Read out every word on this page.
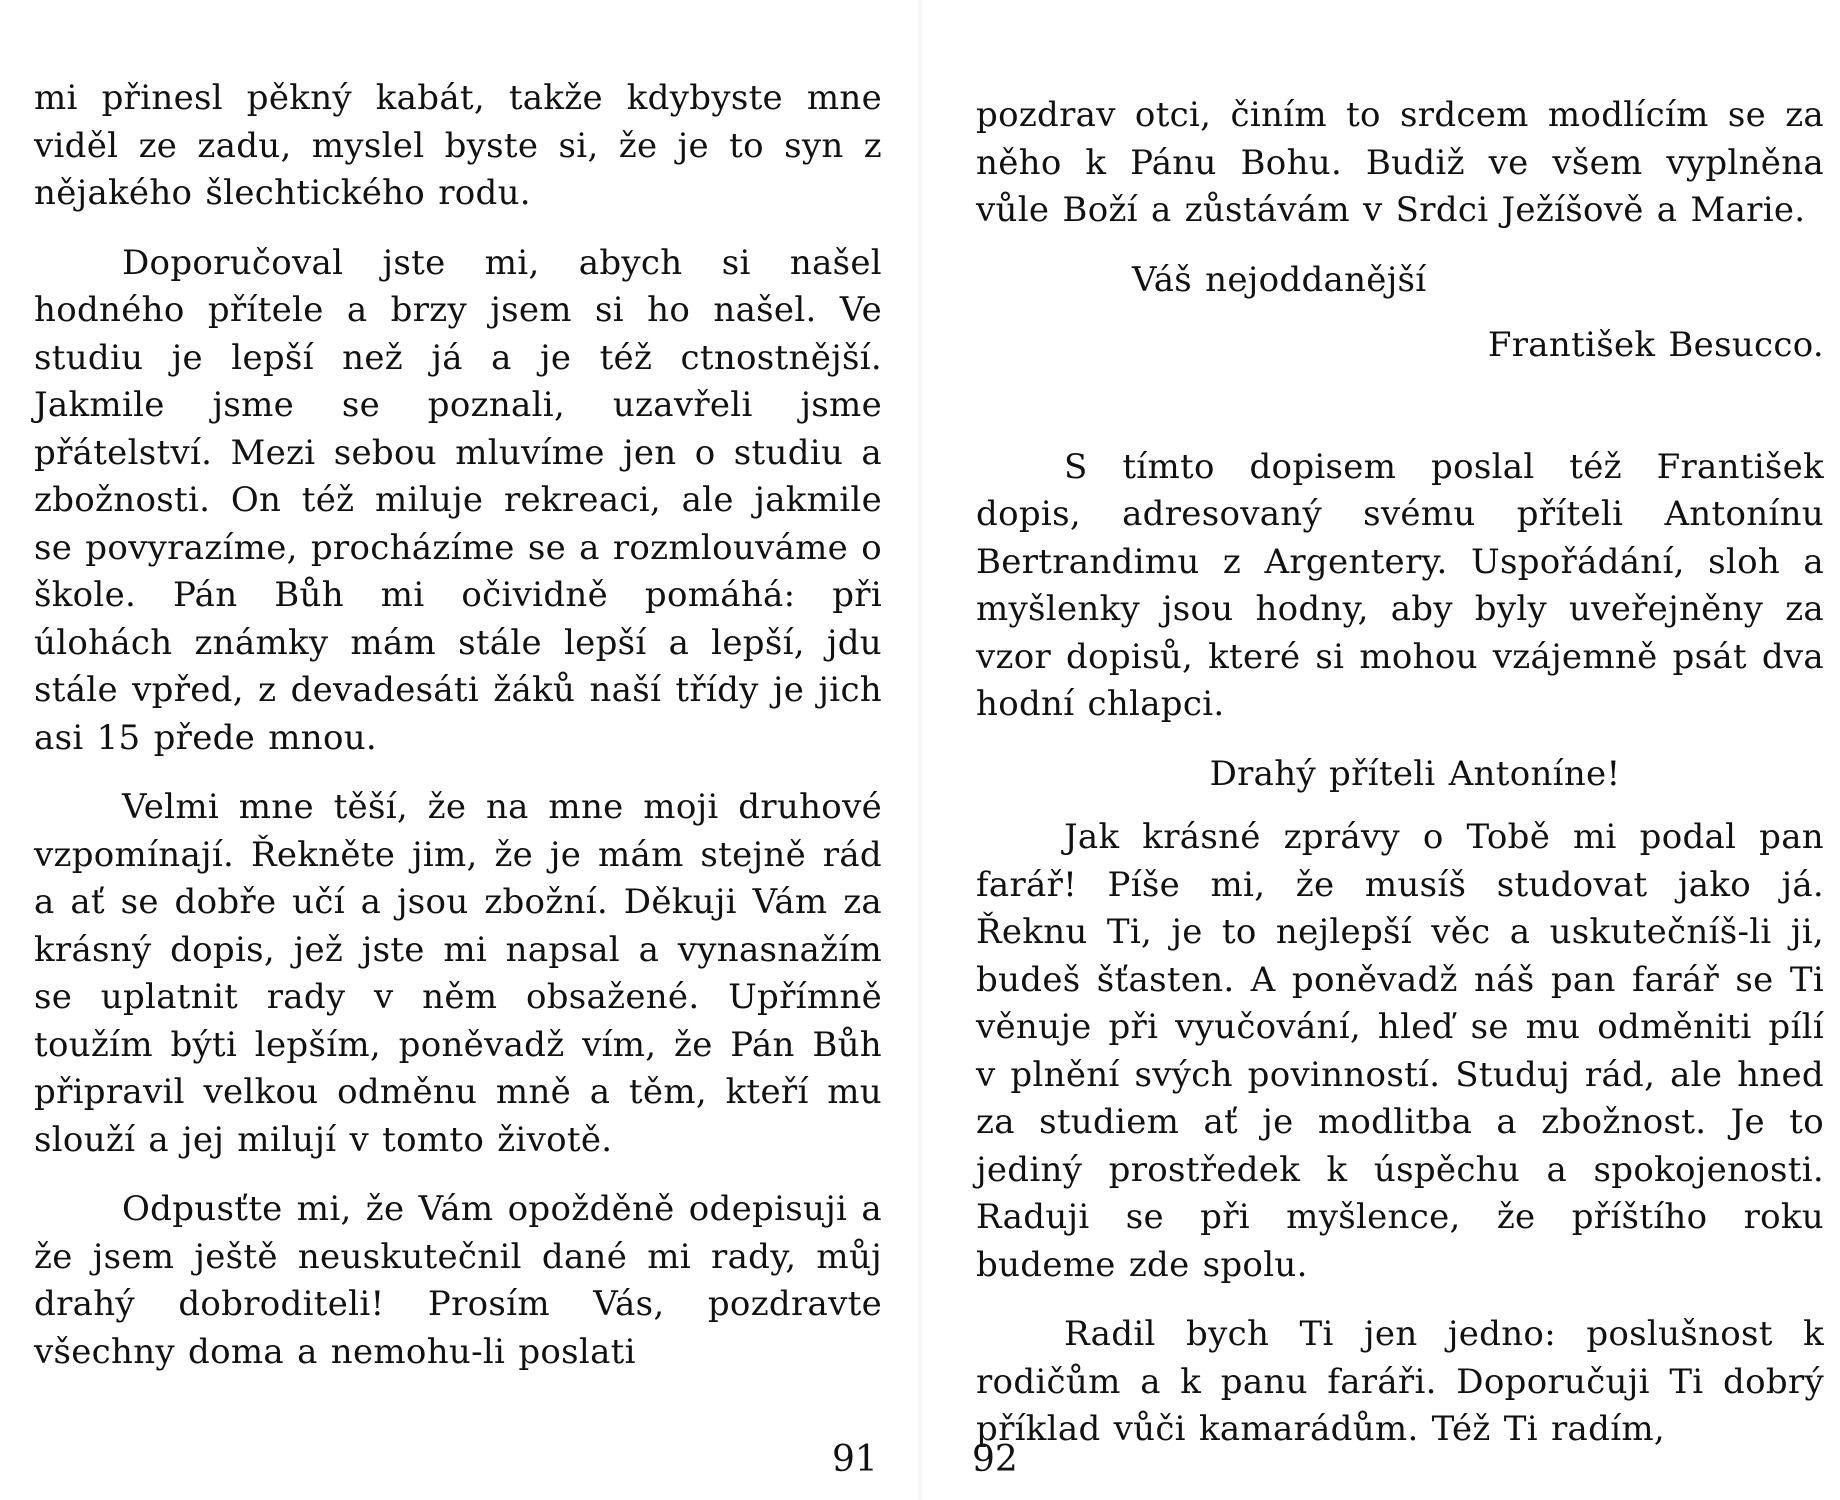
mi přinesl pěkný kabát, takže kdybyste mne viděl ze zadu, myslel byste si, že je to syn z nějakého šlechtického rodu.

Doporučoval jste mi, abych si našel hodného přítele a brzy jsem si ho našel. Ve studiu je lepší než já a je též ctnostnější. Jakmile jsme se poznali, uzavřeli jsme přátelství. Mezi sebou mluvíme jen o studiu a zbožnosti. On též miluje rekreaci, ale jakmile se povyrazíme, procházíme se a rozmlouváme o škole. Pán Bůh mi očividně pomáhá: při úlohách známky mám stále lepší a lepší, jdu stále vpřed, z devadesáti žáků naší třídy je jich asi 15 přede mnou.

Velmi mne těší, že na mne moji druhové vzpomínají. Řekněte jim, že je mám stejně rád a ať se dobře učí a jsou zbožní. Děkuji Vám za krásný dopis, jež jste mi napsal a vynasnažím se uplatnit rady v něm obsažené. Upřímně toužím býti lepším, poněvadž vím, že Pán Bůh připravil velkou odměnu mně a těm, kteří mu slouží a jej milují v tomto životě.

Odpusťte mi, že Vám opožděně odepisuji a že jsem ještě neuskutečnil dané mi rady, můj drahý dobroditeli! Prosím Vás, pozdravte všechny doma a nemohu-li poslati

91

pozdrav otci, činím to srdcem modlícím se za něho k Pánu Bohu. Budiž ve všem vyplněna vůle Boží a zůstávám v Srdci Ježíšově a Marie.

Váš nejoddanější

František Besucco.

S tímto dopisem poslal též František dopis, adresovaný svému příteli Antonínu Bertrandimu z Argentery. Uspořádání, sloh a myšlenky jsou hodny, aby byly uveřejněny za vzor dopisů, které si mohou vzájemně psát dva hodní chlapci.

Drahý příteli Antoníne!

Jak krásné zprávy o Tobě mi podal pan farář! Píše mi, že musíš studovat jako já. Řeknu Ti, je to nejlepší věc a uskutečníš-li ji, budeš šťasten. A poněvadž náš pan farář se Ti věnuje při vyučování, hleď se mu odměniti pílí v plnění svých povinností. Studuj rád, ale hned za studiem ať je modlitba a zbožnost. Je to jediný prostředek k úspěchu a spokojenosti. Raduji se při myšlence, že příštího roku budeme zde spolu.

Radil bych Ti jen jedno: poslušnost k rodičům a k panu faráři. Doporučuji Ti dobrý příklad vůči kamarádům. Též Ti radím,

92
